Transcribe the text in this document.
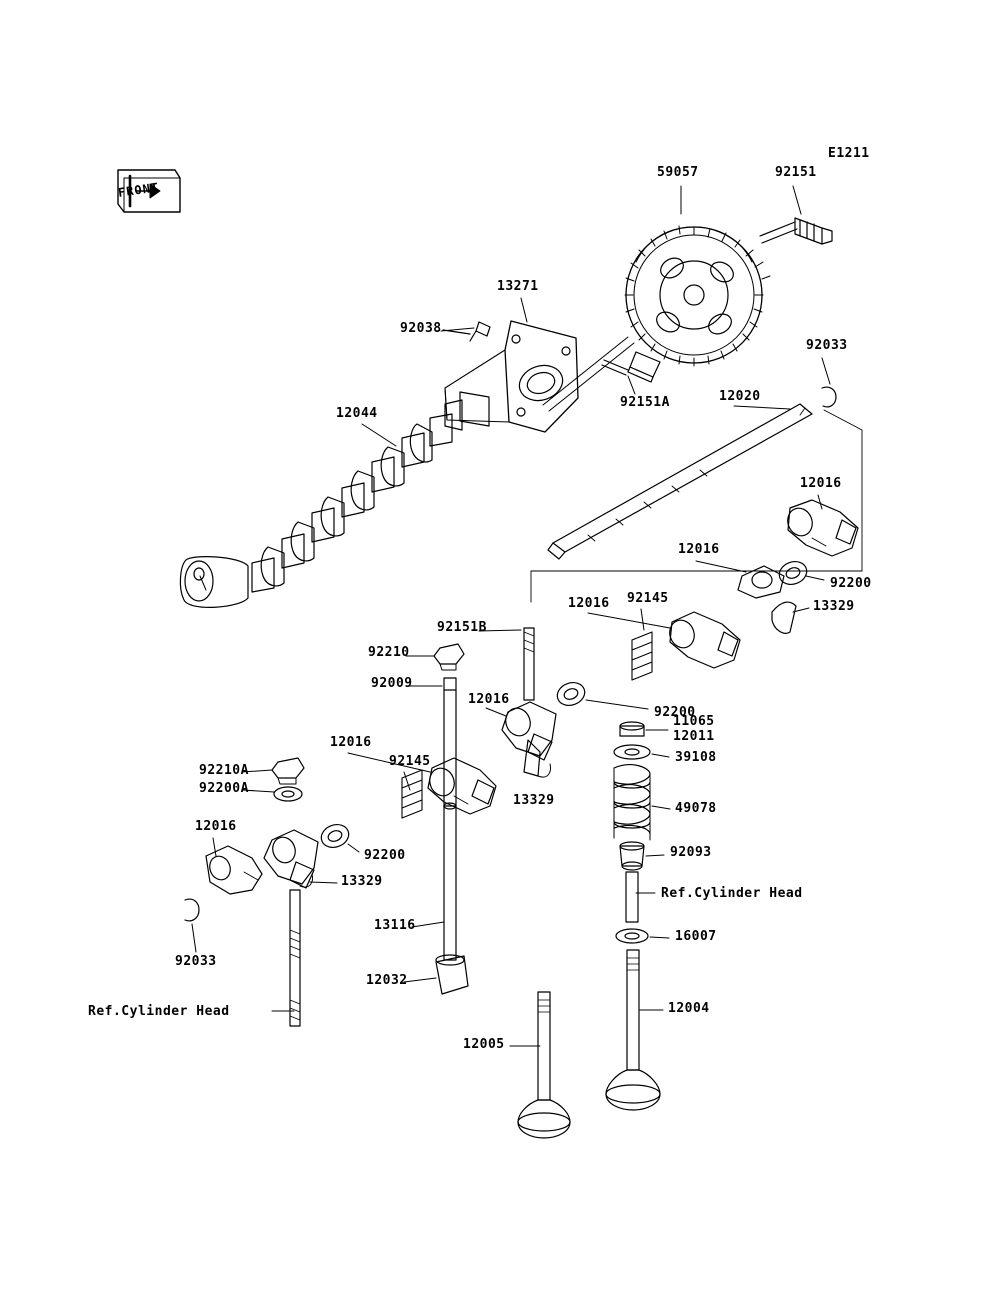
E1211
FRONT
59057	92151
13271
92038
92033
92151A	12020
12044
12016
12016
92200
13329
12016 92145
92151B
92210
92009
12016
92200
11065
12011
39108
12016
92145
92210A
92200A
49078
13329
92200	92093
12016
13329
13116
16007
92033
12032
12004
12005
Ref.Cylinder Head
Ref.Cylinder Head
